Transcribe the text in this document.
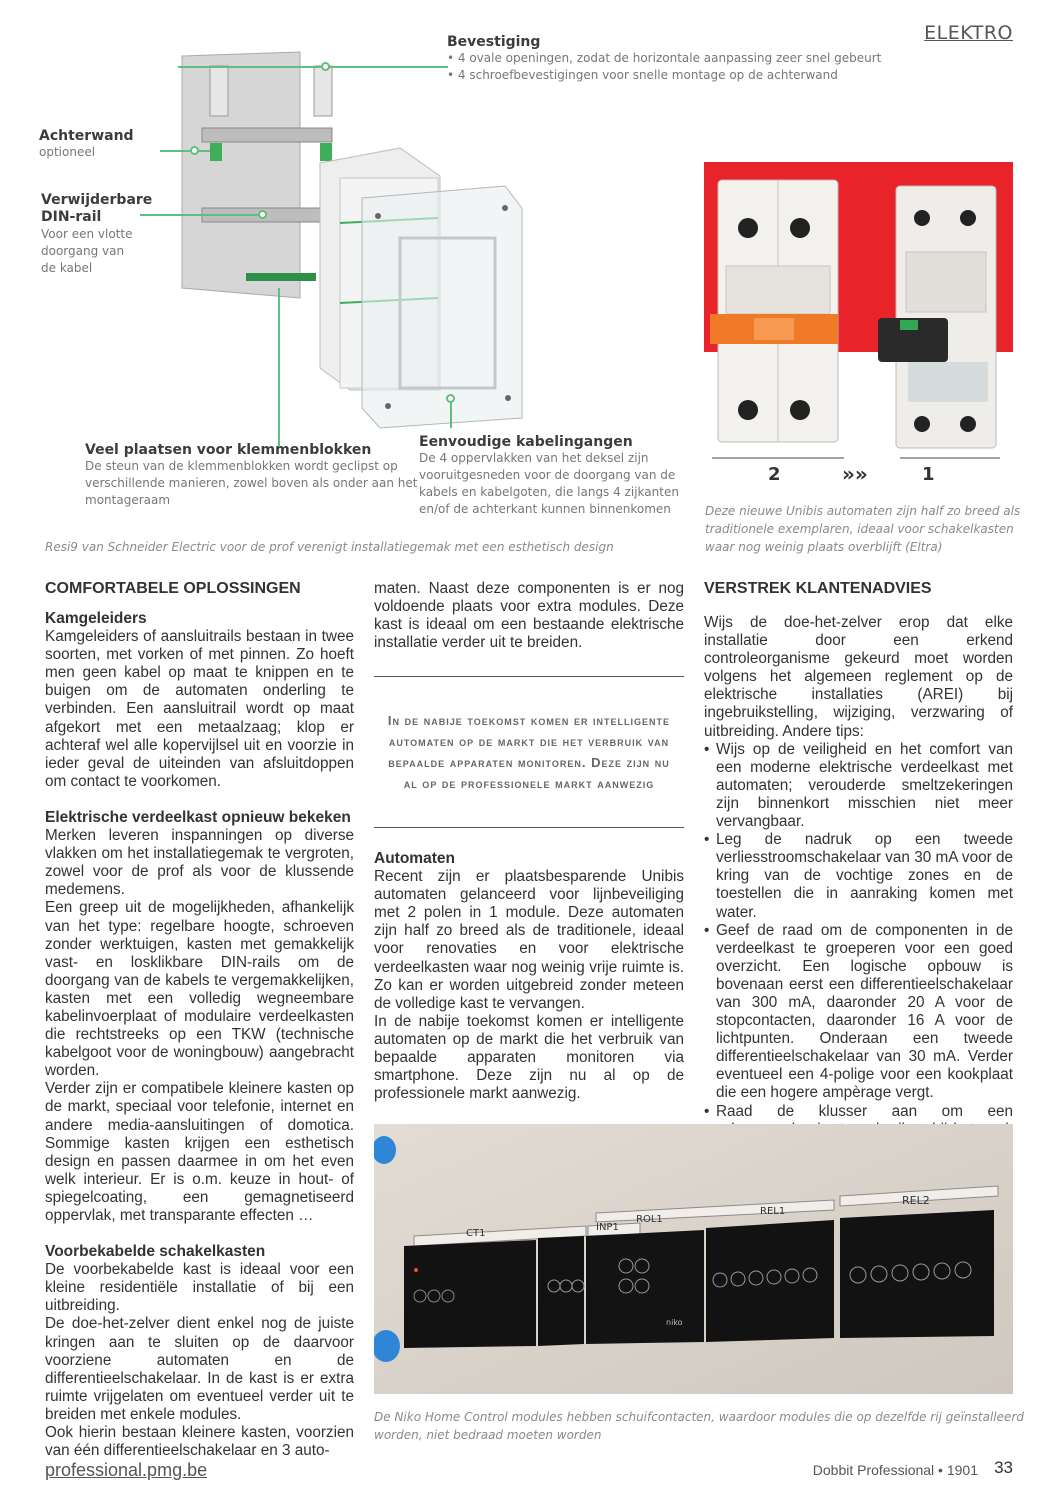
ELEKTRO
Bevestiging
• 4 ovale openingen, zodat de horizontale aanpassing zeer snel gebeurt
• 4 schroefbevestigingen voor snelle montage op de achterwand
Achterwand
optioneel
Verwijderbare
DIN-rail
Voor een vlotte
doorgang van
de kabel
Veel plaatsen voor klemmenblokken
De steun van de klemmenblokken wordt geclipst op
verschillende manieren, zowel boven als onder aan het
montageraam
Eenvoudige kabelingangen
De 4 oppervlakken van het deksel zijn
vooruitgesneden voor de doorgang van de
kabels en kabelgoten, die langs 4 zijkanten
en/of de achterkant kunnen binnenkomen
Resi9 van Schneider Electric voor de prof verenigt installatiegemak met een esthetisch design
2	»»	1
Deze nieuwe Unibis automaten zijn half zo breed als
traditionele exemplaren, ideaal voor schakelkasten
waar nog weinig plaats overblijft (Eltra)
COMFORTABELE OPLOSSINGEN
Kamgeleiders

Kamgeleiders of aansluitrails bestaan in twee soorten, met vorken of met pinnen. Zo hoeft men geen kabel op maat te knippen en te buigen om de automaten onderling te verbinden. Een aansluitrail wordt op maat afgekort met een metaalzaag; klop er achteraf wel alle kopervijlsel uit en voorzie in ieder geval de uiteinden van afsluitdoppen om contact te voorkomen.

Elektrische verdeelkast opnieuw bekeken

Merken leveren inspanningen op diverse vlakken om het installatiegemak te vergroten, zowel voor de prof als voor de klussende medemens.

Een greep uit de mogelijkheden, afhankelijk van het type: regelbare hoogte, schroeven zonder werktuigen, kasten met gemakkelijk vast- en losklikbare DIN-rails om de doorgang van de kabels te vergemakkelijken, kasten met een volledig wegneembare kabelinvoerplaat of modulaire verdeelkasten die rechtstreeks op een TKW (technische kabelgoot voor de woningbouw) aangebracht worden.

Verder zijn er compatibele kleinere kasten op de markt, speciaal voor telefonie, internet en andere media-aansluitingen of domotica. Sommige kasten krijgen een esthetisch design en passen daarmee in om het even welk interieur. Er is o.m. keuze in hout- of spiegelcoating, een gemagnetiseerd oppervlak, met transparante effecten …

Voorbekabelde schakelkasten

De voorbekabelde kast is ideaal voor een kleine residentiële installatie of bij een uitbreiding.

De doe-het-zelver dient enkel nog de juiste kringen aan te sluiten op de daarvoor voorziene automaten en de differentieelschakelaar. In de kast is er extra ruimte vrijgelaten om eventueel verder uit te breiden met enkele modules.

Ook hierin bestaan kleinere kasten, voorzien van één differentieelschakelaar en 3 auto-

maten. Naast deze componenten is er nog voldoende plaats voor extra modules. Deze kast is ideaal om een bestaande elektrische installatie verder uit te breiden.

In de nabije toekomst komen er intelligente automaten op de markt die het verbruik van bepaalde apparaten monitoren. Deze zijn nu al op de professionele markt aanwezig
Automaten

Recent zijn er plaatsbesparende Unibis automaten gelanceerd voor lijnbeveiliging met 2 polen in 1 module. Deze automaten zijn half zo breed als de traditionele, ideaal voor renovaties en voor elektrische verdeelkasten waar nog weinig vrije ruimte is. Zo kan er worden uitgebreid zonder meteen de volledige kast te vervangen.

In de nabije toekomst komen er intelligente automaten op de markt die het verbruik van bepaalde apparaten monitoren via smartphone. Deze zijn nu al op de professionele markt aanwezig.

VERSTREK KLANTENADVIES

Wijs de doe-het-zelver erop dat elke installatie door een erkend controleorganisme gekeurd moet worden volgens het algemeen reglement op de elektrische installaties (AREI) bij ingebruikstelling, wijziging, verzwaring of uitbreiding. Andere tips:

• Wijs op de veiligheid en het comfort van een moderne elektrische verdeelkast met automaten; verouderde smeltzekeringen zijn binnenkort misschien niet meer vervangbaar.
• Leg de nadruk op een tweede verliesstroomschakelaar van 30 mA voor de kring van de vochtige zones en de toestellen die in aanraking komen met water.
• Geef de raad om de componenten in de verdeelkast te groeperen voor een goed overzicht. Een logische opbouw is bovenaan eerst een differentieelschakelaar van 300 mA, daaronder 20 A voor de stopcontacten, daaronder 16 A voor de lichtpunten. Onderaan een tweede differentieelschakelaar van 30 mA. Verder eventueel een 4-polige voor een kookplaat die een hogere ampèrage vergt.
• Raad de klusser aan om een
CT1
INP1
ROL1
REL1
REL2
niko
De Niko Home Control modules hebben schuifcontacten, waardoor modules die op dezelfde rij geïnstalleerd
worden, niet bedraad moeten worden
professional.pmg.be	Dobbit Professional • 1901 33
